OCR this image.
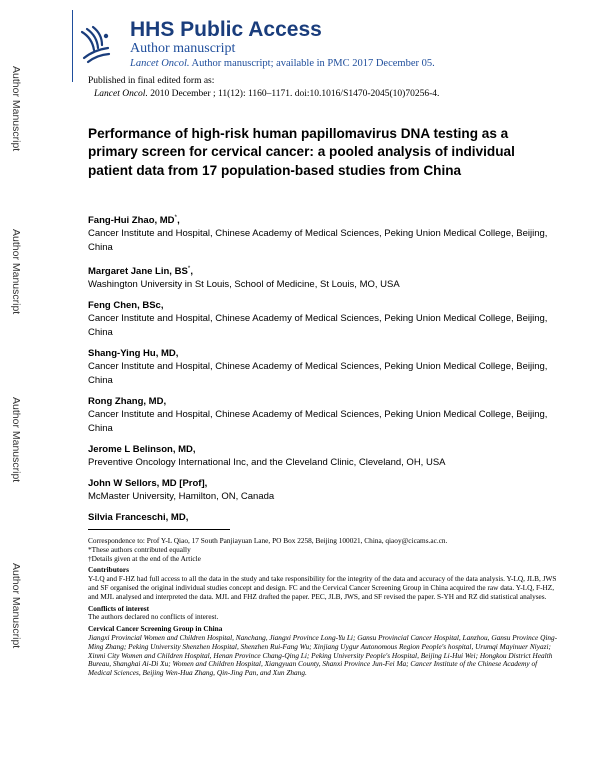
Author Manuscript
Author Manuscript
Author Manuscript
Author Manuscript
HHS Public Access
Author manuscript
Lancet Oncol. Author manuscript; available in PMC 2017 December 05.
Published in final edited form as:
Lancet Oncol. 2010 December ; 11(12): 1160–1171. doi:10.1016/S1470-2045(10)70256-4.
Performance of high-risk human papillomavirus DNA testing as a primary screen for cervical cancer: a pooled analysis of individual patient data from 17 population-based studies from China
Fang-Hui Zhao, MD*,
Cancer Institute and Hospital, Chinese Academy of Medical Sciences, Peking Union Medical College, Beijing, China
Margaret Jane Lin, BS*,
Washington University in St Louis, School of Medicine, St Louis, MO, USA
Feng Chen, BSc,
Cancer Institute and Hospital, Chinese Academy of Medical Sciences, Peking Union Medical College, Beijing, China
Shang-Ying Hu, MD,
Cancer Institute and Hospital, Chinese Academy of Medical Sciences, Peking Union Medical College, Beijing, China
Rong Zhang, MD,
Cancer Institute and Hospital, Chinese Academy of Medical Sciences, Peking Union Medical College, Beijing, China
Jerome L Belinson, MD,
Preventive Oncology International Inc, and the Cleveland Clinic, Cleveland, OH, USA
John W Sellors, MD [Prof],
McMaster University, Hamilton, ON, Canada
Silvia Franceschi, MD,

Correspondence to: Prof Y-L Qiao, 17 South Panjiayuan Lane, PO Box 2258, Beijing 100021, China, qiaoy@cicams.ac.cn.

*These authors contributed equally

†Details given at the end of the Article

Contributors

Y-LQ and F-HZ had full access to all the data in the study and take responsibility for the integrity of the data and accuracy of the data analysis. Y-LQ, JLB, JWS and SF organised the original individual studies concept and design. FC and the Cervical Cancer Screening Group in China acquired the raw data. Y-LQ, F-HZ, and MJL analysed and interpreted the data. MJL and FHZ drafted the paper. PEC, JLB, JWS, and SF revised the paper. S-YH and RZ did statistical analyses.

Conflicts of interest

The authors declared no conflicts of interest.

Cervical Cancer Screening Group in China

Jiangxi Provincial Women and Children Hospital, Nanchang, Jiangxi Province Long-Yu Li; Gansu Provincial Cancer Hospital, Lanzhou, Gansu Province Qing-Ming Zhang; Peking University Shenzhen Hospital, Shenzhen Rui-Fang Wu; Xinjiang Uygur Autonomous Region People's hospital, Urumqi Mayinuer Niyazi; Xinmi City Women and Children Hospital, Henan Province Chang-Qing Li; Peking University People's Hospital, Beijing Li-Hui Wei; Hongkou District Health Bureau, Shanghai Ai-Di Xu; Women and Children Hospital, Xiangyuan County, Shanxi Province Jun-Fei Ma; Cancer Institute of the Chinese Academy of Medical Sciences, Beijing Wen-Hua Zhang, Qin-Jing Pan, and Xun Zhang.
